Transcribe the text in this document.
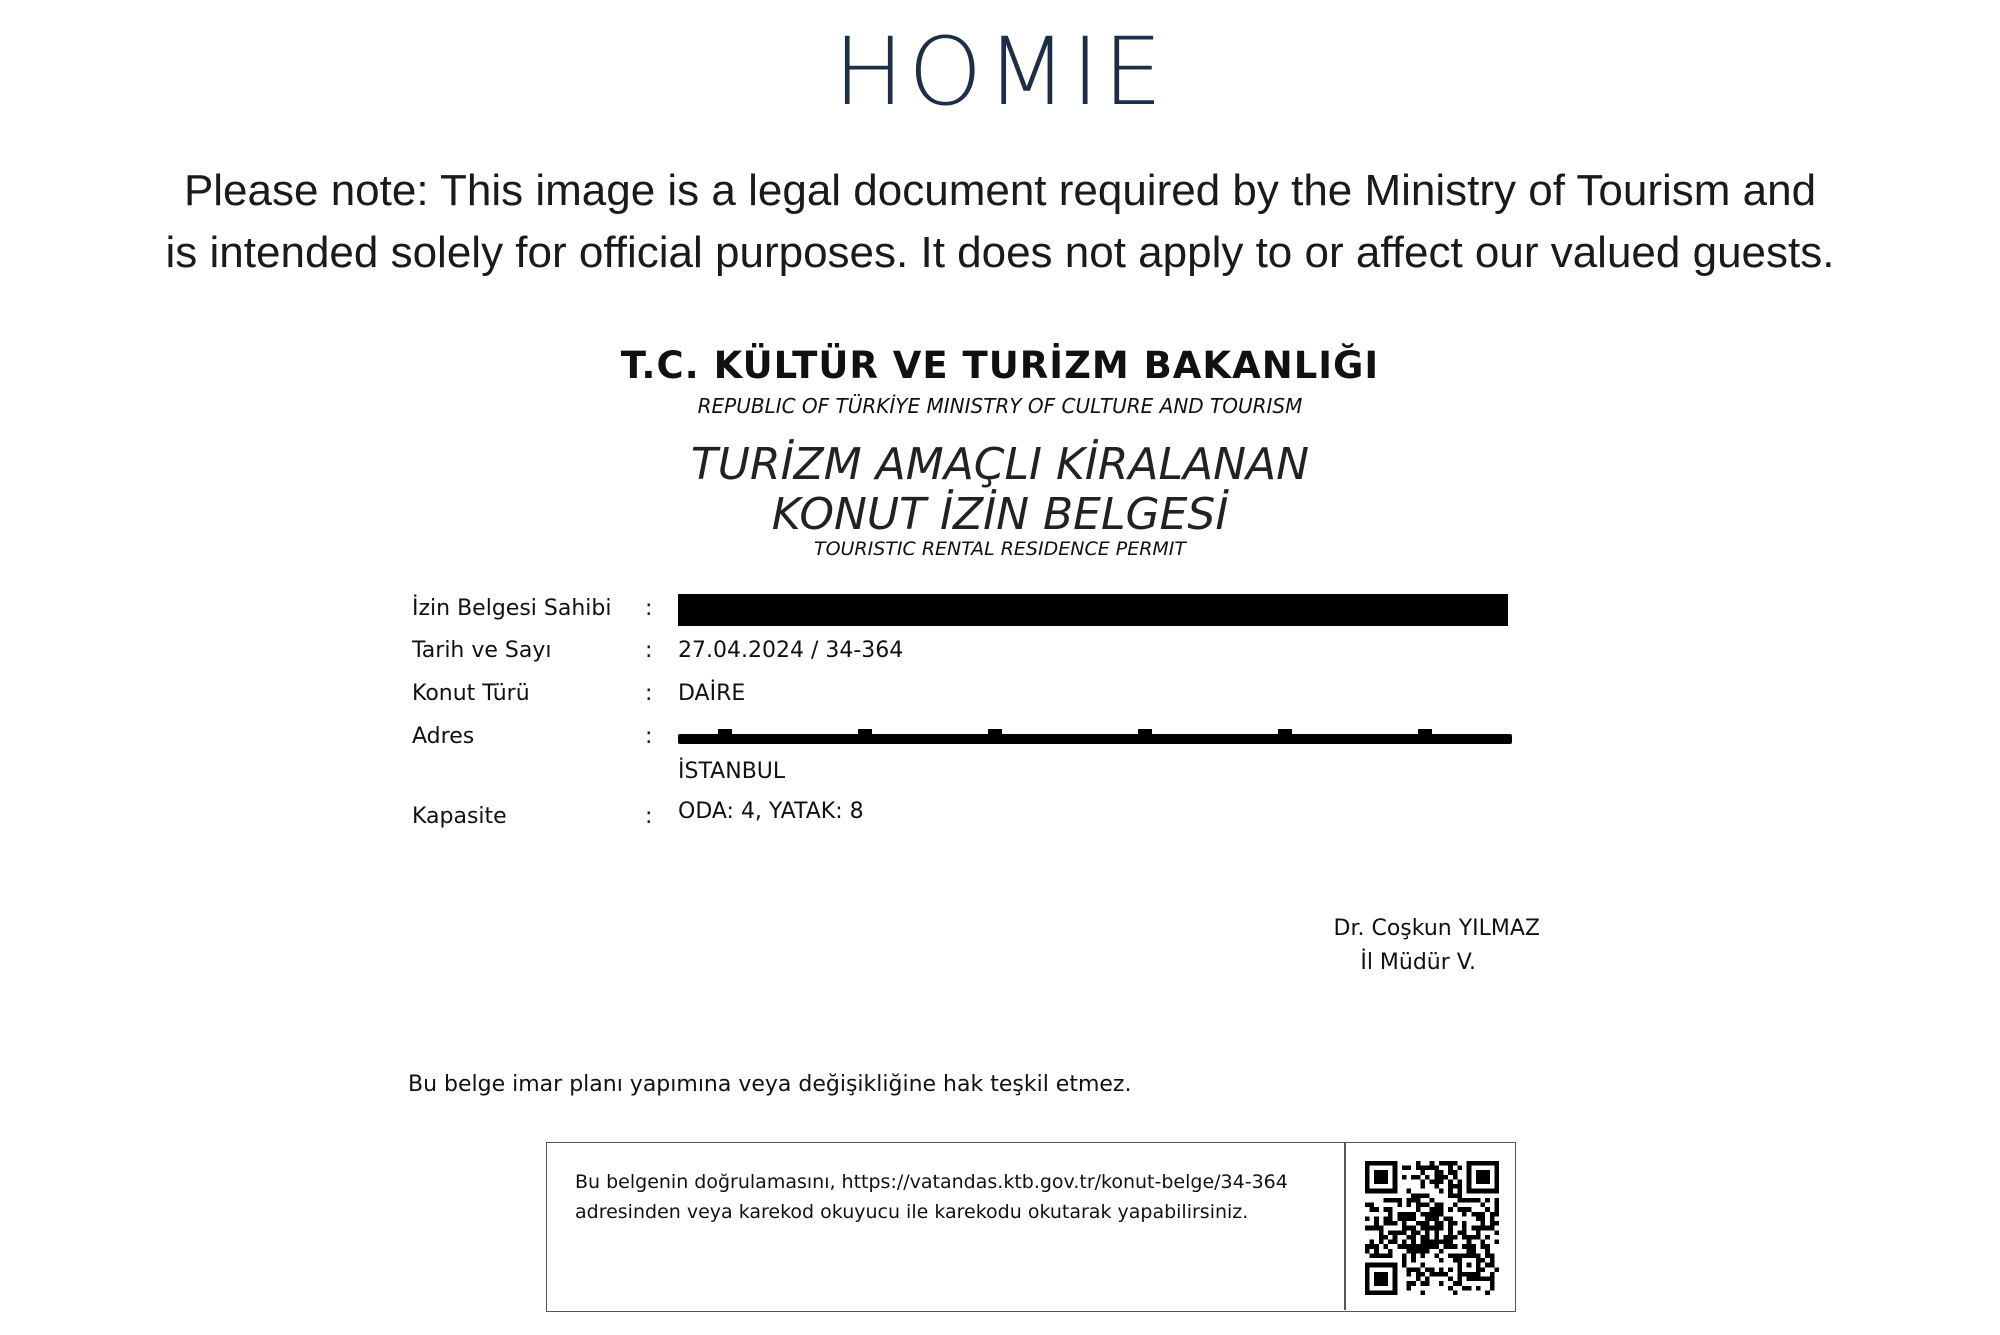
HOMIE
Please note: This image is a legal document required by the Ministry of Tourism and
is intended solely for official purposes. It does not apply to or affect our valued guests.
T.C. KÜLTÜR VE TURİZM BAKANLIĞI
REPUBLIC OF TÜRKİYE MINISTRY OF CULTURE AND TOURISM
TURİZM AMAÇLI KİRALANAN
KONUT İZİN BELGESİ
TOURISTIC RENTAL RESIDENCE PERMIT
İzin Belgesi Sahibi :
Tarih ve Sayı	: 27.04.2024 / 34-364
Konut Türü	: DAİRE
Adres	:
İSTANBUL
Kapasite	: ODA: 4, YATAK: 8
Dr. Coşkun YILMAZ
İl Müdür V.
Bu belge imar planı yapımına veya değişikliğine hak teşkil etmez.
Bu belgenin doğrulamasını, https://vatandas.ktb.gov.tr/konut-belge/34-364
adresinden veya karekod okuyucu ile karekodu okutarak yapabilirsiniz.
